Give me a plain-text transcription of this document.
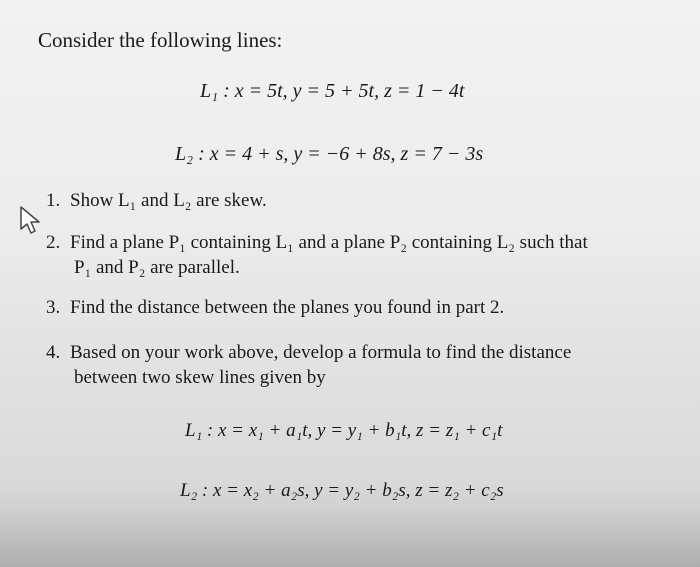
Consider the following lines:
L₁ : x = 5t, y = 5 + 5t, z = 1 − 4t
L₂ : x = 4 + s, y = −6 + 8s, z = 7 − 3s
1. Show L₁ and L₂ are skew.
2. Find a plane P₁ containing L₁ and a plane P₂ containing L₂ such that
P₁ and P₂ are parallel.
3. Find the distance between the planes you found in part 2.
4. Based on your work above, develop a formula to find the distance
between two skew lines given by
L₁ : x = x₁ + a₁t, y = y₁ + b₁t, z = z₁ + c₁t
L₂ : x = x₂ + a₂s, y = y₂ + b₂s, z = z₂ + c₂s
